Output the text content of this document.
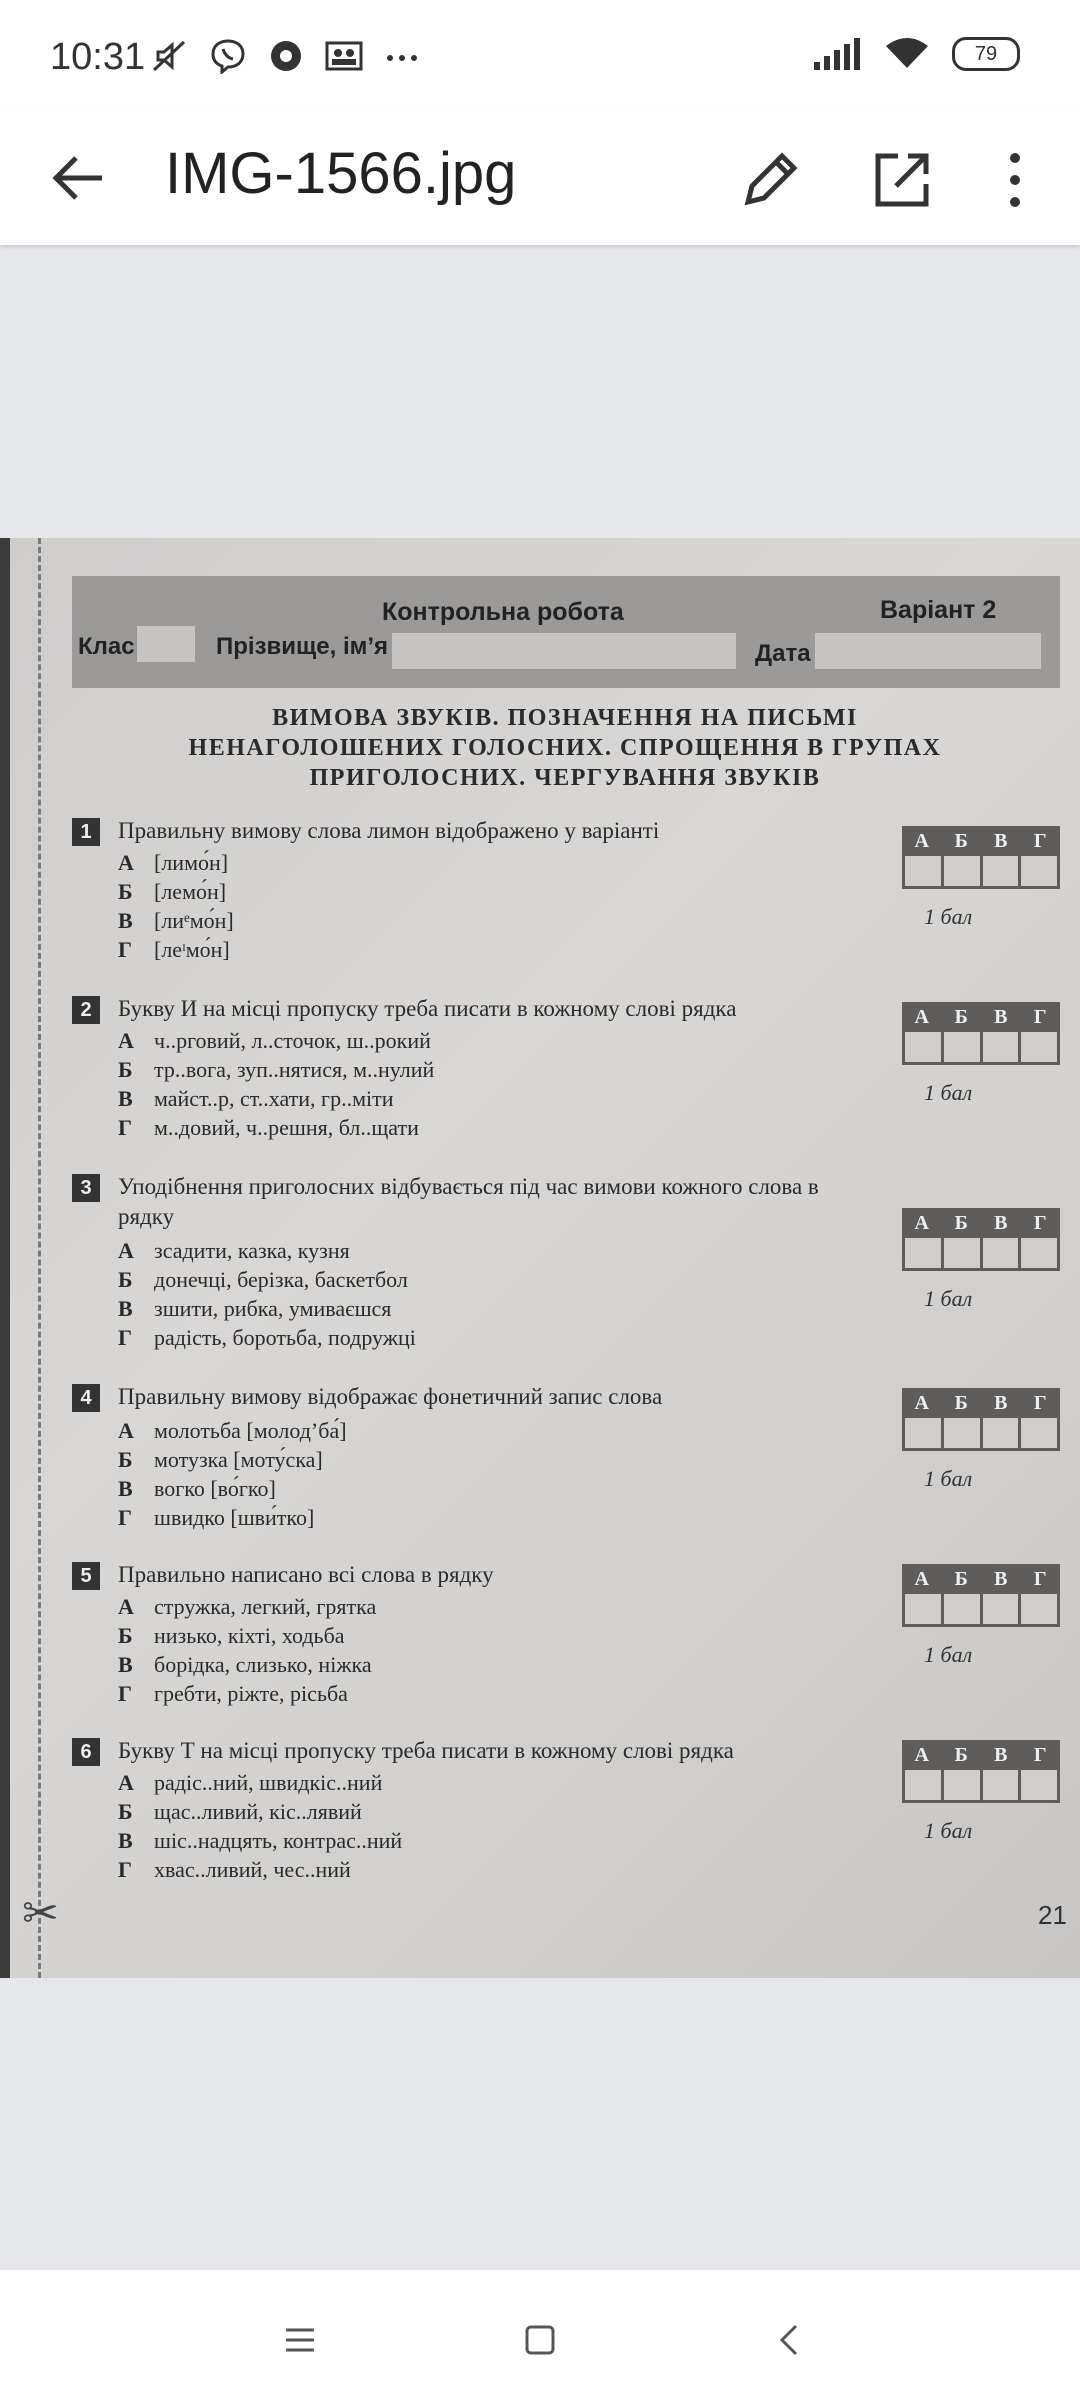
10:31	79
IMG-1566.jpg
✂
Контрольна робота	Варіант 2
Клас	Прізвище, ім’я	Дата
ВИМОВА ЗВУКІВ. ПОЗНАЧЕННЯ НА ПИСЬМІ
НЕНАГОЛОШЕНИХ ГОЛОСНИХ. СПРОЩЕННЯ В ГРУПАХ
ПРИГОЛОСНИХ. ЧЕРГУВАННЯ ЗВУКІВ
1	Правильну вимову слова лимон відображено у варіанті
А [лимо́н]
Б [лемо́н]
В [лиᵉмо́н]
Г [леᶦмо́н]
А	Б	В	Г
1 бал
2	Букву И на місці пропуску треба писати в кожному слові рядка
А ч..рговий, л..сточок, ш..рокий
Б тр..вога, зуп..нятися, м..нулий
В майст..р, ст..хати, гр..міти
Г м..довий, ч..решня, бл..щати
А	Б	В	Г
1 бал
3	Уподібнення приголосних відбувається під час вимови кожного слова в рядку
А зсадити, казка, кузня
Б донечці, берізка, баскетбол
В зшити, рибка, умиваєшся
Г радість, боротьба, подружці
А	Б	В	Г
1 бал
4	Правильну вимову відображає фонетичний запис слова
А молотьба [молод’ба́]
Б мотузка [моту́ска]
В вогко [во́гко]
Г швидко [шви́тко]
А	Б	В	Г
1 бал
5	Правильно написано всі слова в рядку
А стружка, легкий, грятка
Б низько, кіхті, ходьба
В борідка, слизько, ніжка
Г гребти, ріжте, рісьба
А	Б	В	Г
1 бал
6	Букву Т на місці пропуску треба писати в кожному слові рядка
А радіс..ний, швидкіс..ний
Б щас..ливий, кіс..лявий
В шіс..надцять, контрас..ний
Г хвас..ливий, чес..ний
А	Б	В	Г
1 бал
21
